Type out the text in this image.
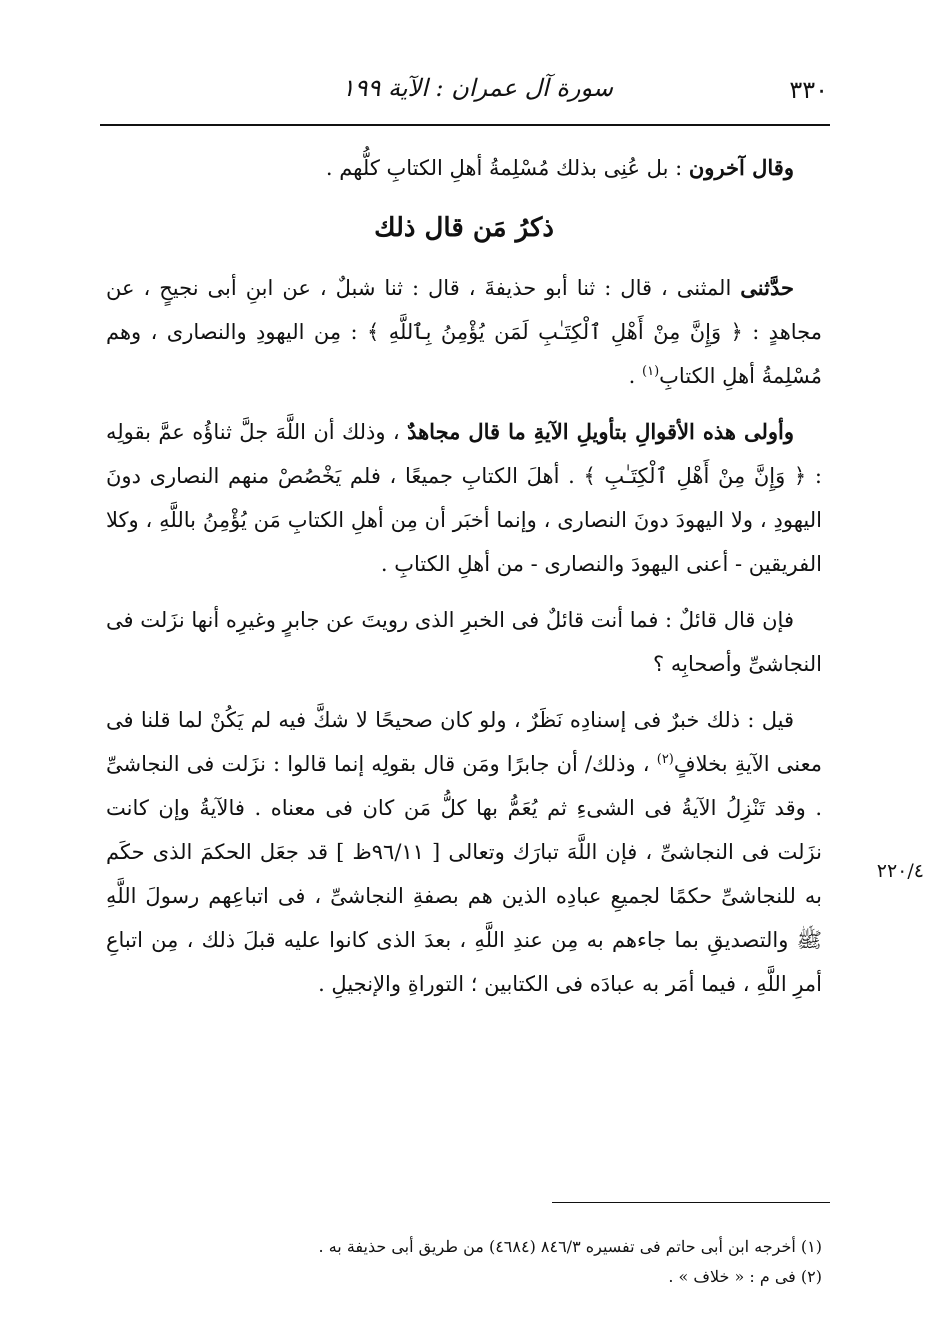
٣٣٠
سورة آل عمران : الآية ١٩٩

وقال آخرون : بل عُنِى بذلك مُسْلِمةُ أهلِ الكتابِ كلُّهم .

ذكرُ مَن قال ذلك

حدَّثنى المثنى ، قال : ثنا أبو حذيفةَ ، قال : ثنا شبلٌ ، عن ابنِ أبى نجيحٍ ، عن مجاهدٍ : ﴿ وَإِنَّ مِنْ أَهْلِ ٱلْكِتَـٰبِ لَمَن يُؤْمِنُ بِٱللَّهِ ﴾ : مِن اليهودِ والنصارى ، وهم مُسْلِمةُ أهلِ الكتابِ$^{(١)}$ .

وأولى هذه الأقوالِ بتأويلِ الآيةِ ما قال مجاهدٌ ، وذلك أن اللَّهَ جلَّ ثناؤُه عمَّ بقولِه : ﴿ وَإِنَّ مِنْ أَهْلِ ٱلْكِتَـٰبِ ﴾ . أهلَ الكتابِ جميعًا ، فلم يَخْصُصْ منهم النصارى دونَ اليهودِ ، ولا اليهودَ دونَ النصارى ، وإنما أخبَر أن مِن أهلِ الكتابِ مَن يُؤْمِنُ باللَّهِ ، وكلا الفريقين - أعنى اليهودَ والنصارى - من أهلِ الكتابِ .

فإن قال قائلٌ : فما أنت قائلٌ فى الخبرِ الذى رويتَ عن جابرٍ وغيرِه أنها نزَلت فى النجاشىِّ وأصحابِه ؟

قيل : ذلك خبرٌ فى إسنادِه نَظَرٌ ، ولو كان صحيحًا لا شكَّ فيه لم يَكُنْ لما قلنا فى معنى الآيةِ بخلافٍ$^{(٢)}$ ، وذلك/ أن جابرًا ومَن قال بقولِه إنما قالوا : نزَلت فى النجاشىِّ . وقد تَنْزِلُ الآيةُ فى الشىءِ ثم يُعَمُّ بها كلُّ مَن كان فى معناه . فالآيةُ وإن كانت نزَلت فى النجاشىِّ ، فإن اللَّهَ تبارَك وتعالى [ ٩٦/١١ظ ] قد جعَل الحكمَ الذى حكَم به للنجاشىِّ حكمًا لجميعِ عبادِه الذين هم بصفةِ النجاشىِّ ، فى اتباعِهم رسولَ اللَّهِ ﷺ والتصديقِ بما جاءهم به مِن عندِ اللَّهِ ، بعدَ الذى كانوا عليه قبلَ ذلك ، مِن اتباعِ أمرِ اللَّهِ ، فيما أمَر به عبادَه فى الكتابين ؛ التوراةِ والإنجيلِ .

٢٢٠/٤

(١) أخرجه ابن أبى حاتم فى تفسيره ٨٤٦/٣ (٤٦٨٤) من طريق أبى حذيفة به .

(٢) فى م : « خلاف » .
